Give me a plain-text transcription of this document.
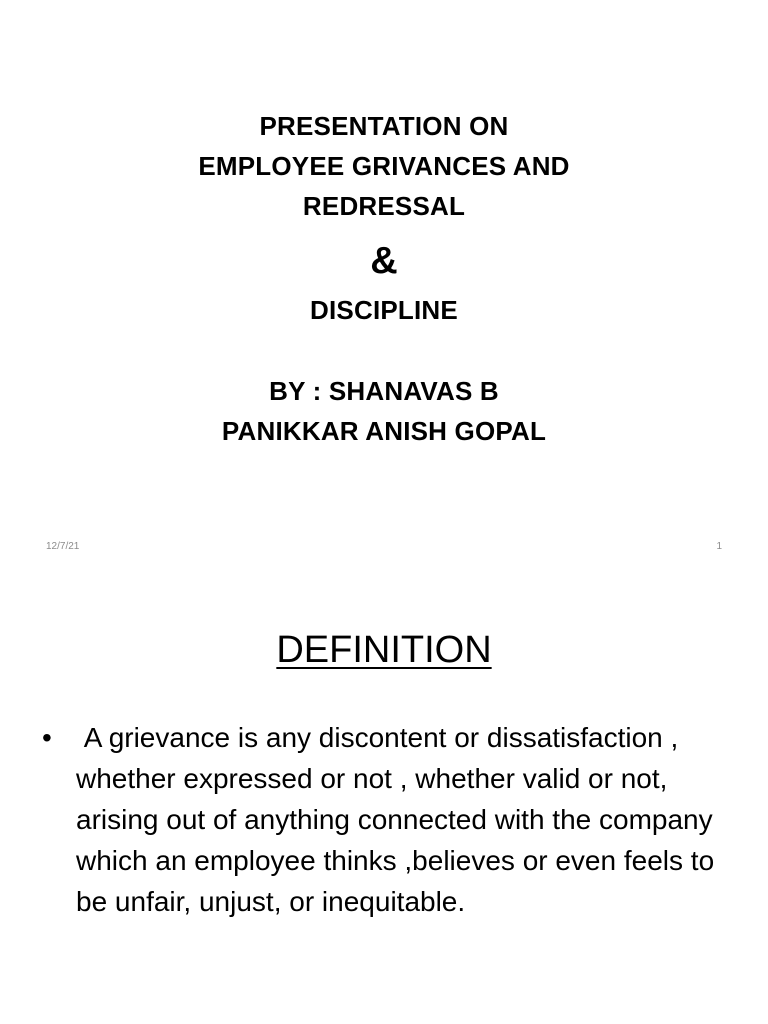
PRESENTATION ON
EMPLOYEE GRIVANCES AND
REDRESSAL
&
DISCIPLINE
BY : SHANAVAS B
PANIKKAR ANISH GOPAL
12/7/21	1
DEFINITION
• A grievance is any discontent or dissatisfaction ,   whether expressed or not , whether valid or not, arising out of anything connected with the company which an employee thinks ,believes or even feels to be unfair, unjust, or inequitable.
